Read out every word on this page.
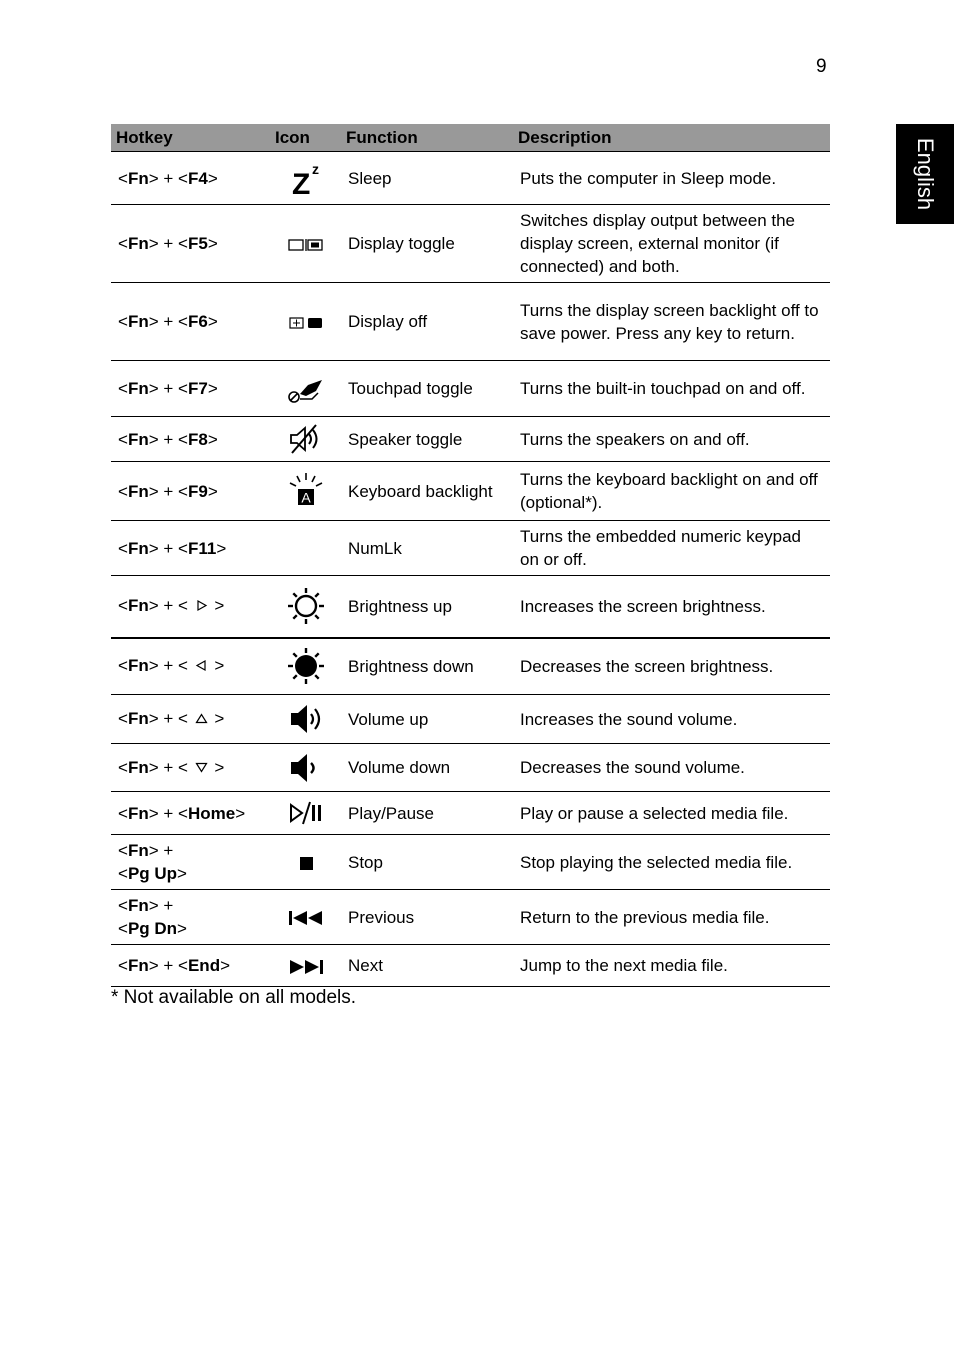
9
English
Hotkey	Icon	Function	Description
<Fn> + <F4>	Z z	Sleep	Puts the computer in Sleep mode.
<Fn> + <F5>		Display toggle	Switches display output between the display screen, external monitor (if connected) and both.
<Fn> + <F6>		Display off	Turns the display screen backlight off to save power. Press any key to return.
<Fn> + <F7>		Touchpad toggle	Turns the built-in touchpad on and off.
<Fn> + <F8>		Speaker toggle	Turns the speakers on and off.
<Fn> + <F9>	A	Keyboard backlight	Turns the keyboard backlight on and off (optional*).
<Fn> + <F11>		NumLk	Turns the embedded numeric keypad on or off.
<Fn> + <  >		Brightness up	Increases the screen brightness.
<Fn> + <  >		Brightness down	Decreases the screen brightness.
<Fn> + <  >		Volume up	Increases the sound volume.
<Fn> + <  >		Volume down	Decreases the sound volume.
<Fn> + <Home>		Play/Pause	Play or pause a selected media file.
<Fn> +
<Pg Up>		Stop	Stop playing the selected media file.
<Fn> +
<Pg Dn>		Previous	Return to the previous media file.
<Fn> + <End>		Next	Jump to the next media file.
* Not available on all models.
